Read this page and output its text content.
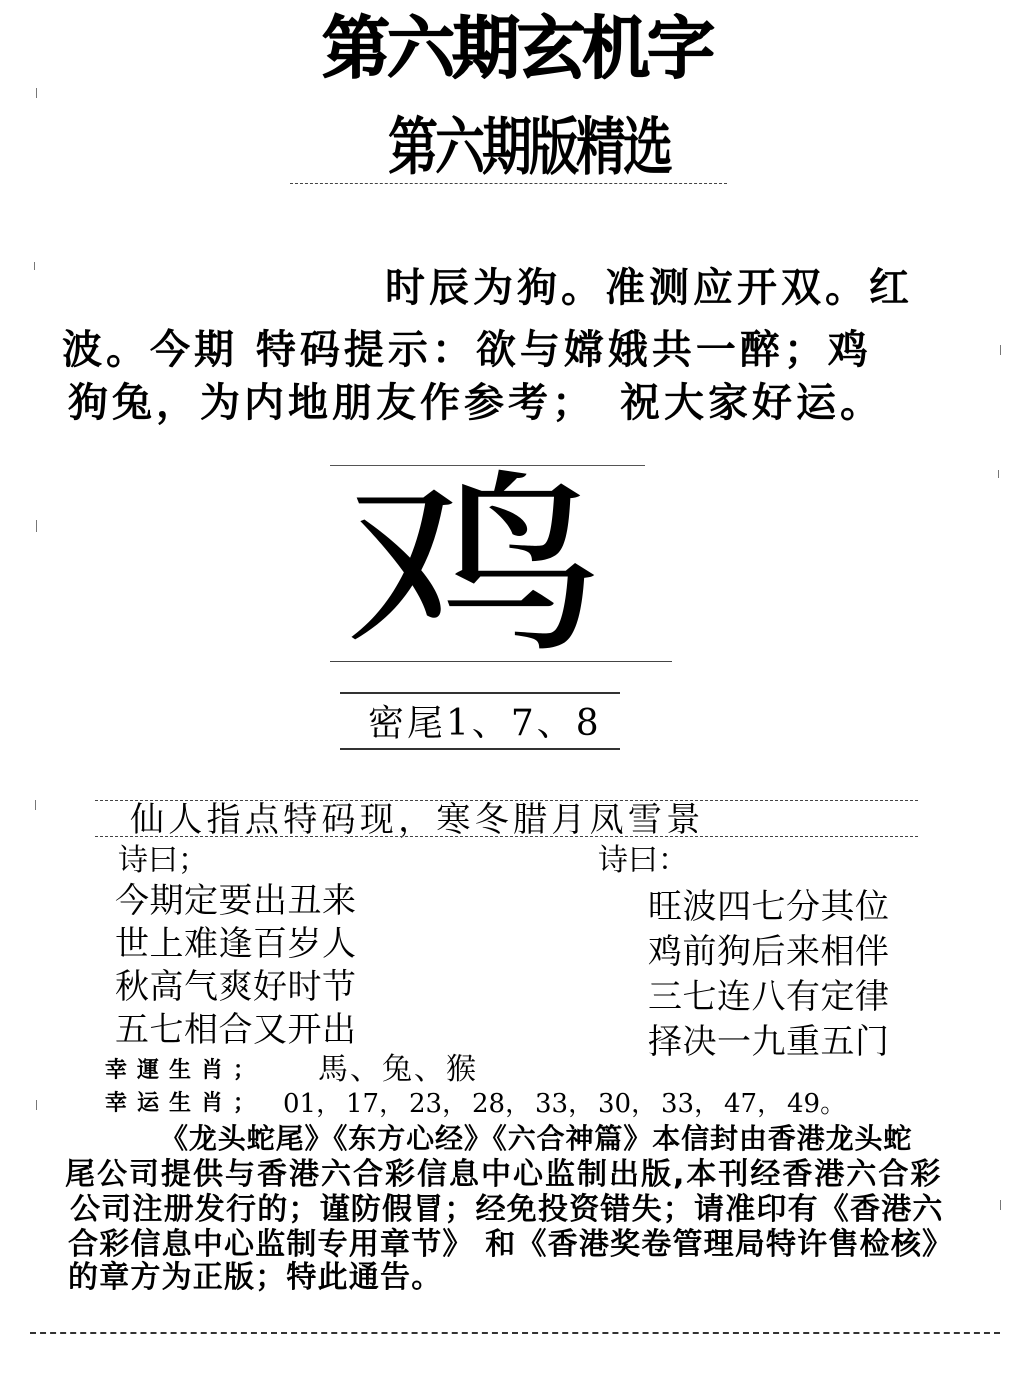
第六期玄机字
第六期版精选
时辰为狗。准测应开双。红
波。今期 特码提示：欲与嫦娥共一醉；鸡
狗兔，为内地朋友作参考；　祝大家好运。
鸡
密尾1、7、8
仙人指点特码现，寒冬腊月凤雪景
诗曰；
今期定要出丑来
世上难逢百岁人
秋高气爽好时节
五七相合又开出
诗曰：
旺波四七分其位
鸡前狗后来相伴
三七连八有定律
择决一九重五门
幸運生肖； 馬、兔、猴
幸运生肖； 01， 17， 23， 28， 33， 30， 33， 47， 49。
《龙头蛇尾》《东方心经》《六合神篇》本信封由香港龙头蛇
尾公司提供与香港六合彩信息中心监制出版,本刊经香港六合彩
公司注册发行的；谨防假冒；经免投资错失；请准印有《香港六
合彩信息中心监制专用章节》 和《香港奖卷管理局特许售检核》
的章方为正版；特此通告。
